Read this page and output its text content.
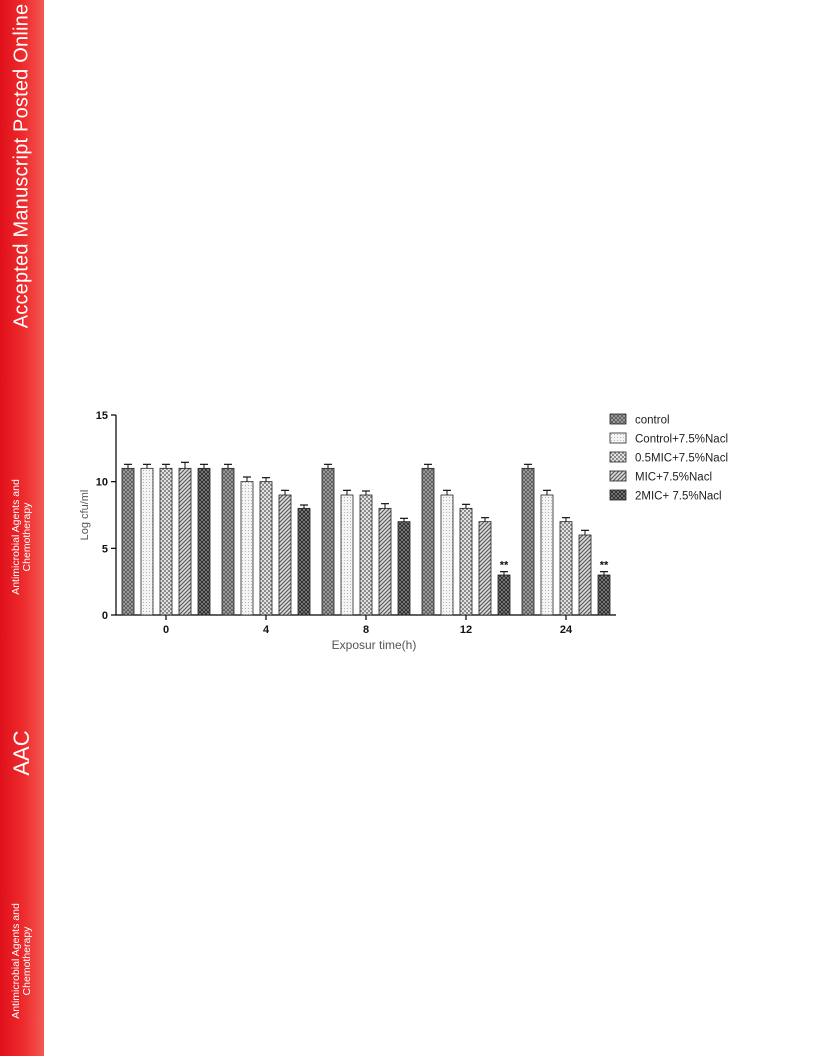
Accepted Manuscript Posted Online
Antimicrobial Agents and Chemotherapy
AAC
Antimicrobial Agents and Chemotherapy
0
5
10
15
0	4	8	12	24
**	**
Log cfu/ml
Exposur time(h)
control
Control+7.5%Nacl
0.5MIC+7.5%Nacl
MIC+7.5%Nacl
2MIC+ 7.5%Nacl
